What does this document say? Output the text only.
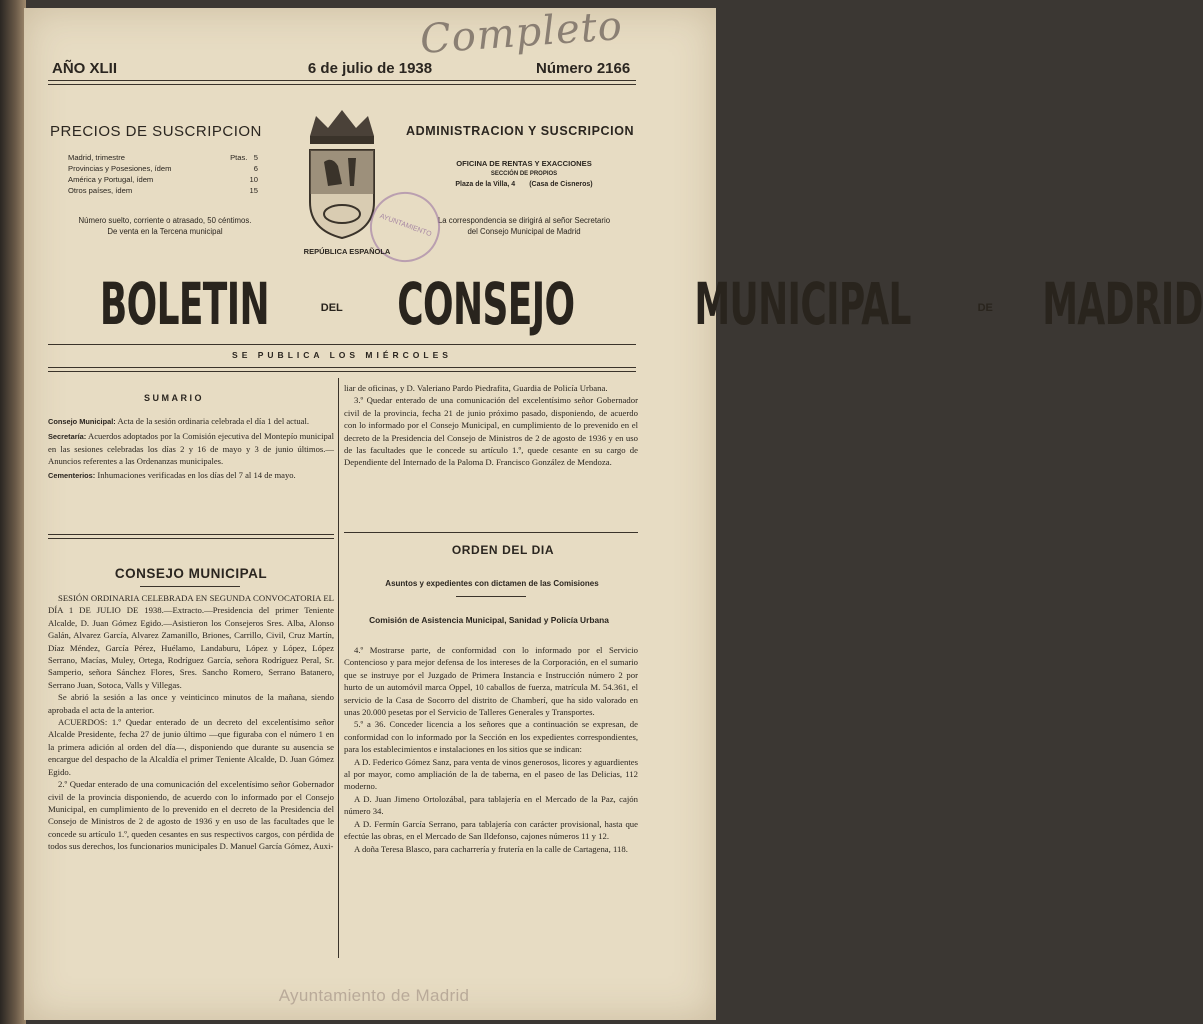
Completo
AÑO XLII	6 de julio de 1938	Número 2166
PRECIOS DE SUSCRIPCION
Madrid, trimestre	Ptas. 5
Provincias y Posesiones, ídem	6
América y Portugal, ídem	10
Otros países, ídem	15
Número suelto, corriente o atrasado, 50 céntimos.
De venta en la Tercena municipal
ADMINISTRACION Y SUSCRIPCION
OFICINA DE RENTAS Y EXACCIONES
SECCIÓN DE PROPIOS
Plaza de la Villa, 4 (Casa de Cisneros)
La correspondencia se dirigirá al señor Secretario
del Consejo Municipal de Madrid
AYUNTAMIENTO
REPÚBLICA ESPAÑOLA
BOLETIN	DEL CONSEJO MUNICIPAL	DE MADRID
SE PUBLICA LOS MIÉRCOLES
SUMARIO
Consejo Municipal: Acta de la sesión ordinaria celebrada el día 1 del actual.
Secretaría: Acuerdos adoptados por la Comisión ejecutiva del Montepío municipal en las sesiones celebradas los días 2 y 16 de mayo y 3 de junio últimos.—Anuncios referentes a las Ordenanzas municipales.
Cementerios: Inhumaciones verificadas en los días del 7 al 14 de mayo.
CONSEJO MUNICIPAL

SESIÓN ORDINARIA CELEBRADA EN SEGUNDA CONVOCATORIA EL DÍA 1 DE JULIO DE 1938.—Extracto.—Presidencia del primer Teniente Alcalde, D. Juan Gómez Egido.—Asistieron los Consejeros Sres. Alba, Alonso Galán, Alvarez García, Alvarez Zamanillo, Briones, Carrillo, Civil, Cruz Martín, Díaz Méndez, García Pérez, Huélamo, Landaburu, López y López, López Serrano, Macías, Muley, Ortega, Rodríguez García, señora Rodríguez Peral, Sr. Samperio, señora Sánchez Flores, Sres. Sancho Romero, Serrano Batanero, Serrano Juan, Sotoca, Valls y Villegas.

Se abrió la sesión a las once y veinticinco minutos de la mañana, siendo aprobada el acta de la anterior.

ACUERDOS: 1.º Quedar enterado de un decreto del excelentísimo señor Alcalde Presidente, fecha 27 de junio último —que figuraba con el número 1 en la primera adición al orden del día—, disponiendo que durante su ausencia se encargue del despacho de la Alcaldía el primer Teniente Alcalde, D. Juan Gómez Egido.

2.º Quedar enterado de una comunicación del excelentísimo señor Gobernador civil de la provincia disponiendo, de acuerdo con lo informado por el Consejo Municipal, en cumplimiento de lo prevenido en el decreto de la Presidencia del Consejo de Ministros de 2 de agosto de 1936 y en uso de las facultades que le concede su artículo 1.º, queden cesantes en sus respectivos cargos, con pérdida de todos sus derechos, los funcionarios municipales D. Manuel García Gómez, Auxi-

liar de oficinas, y D. Valeriano Pardo Piedrafita, Guardia de Policía Urbana.

3.º Quedar enterado de una comunicación del excelentísimo señor Gobernador civil de la provincia, fecha 21 de junio próximo pasado, disponiendo, de acuerdo con lo informado por el Consejo Municipal, en cumplimiento de lo prevenido en el decreto de la Presidencia del Consejo de Ministros de 2 de agosto de 1936 y en uso de las facultades que le concede su artículo 1.º, quede cesante en su cargo de Dependiente del Internado de la Paloma D. Francisco González de Mendoza.

ORDEN DEL DIA
Asuntos y expedientes con dictamen de las Comisiones
Comisión de Asistencia Municipal, Sanidad y Policía Urbana

4.º Mostrarse parte, de conformidad con lo informado por el Servicio Contencioso y para mejor defensa de los intereses de la Corporación, en el sumario que se instruye por el Juzgado de Primera Instancia e Instrucción número 2 por hurto de un automóvil marca Oppel, 10 caballos de fuerza, matrícula M. 54.361, el servicio de la Casa de Socorro del distrito de Chamberí, que ha sido valorado en unas 20.000 pesetas por el Servicio de Talleres Generales y Transportes.

5.º a 36. Conceder licencia a los señores que a continuación se expresan, de conformidad con lo informado por la Sección en los expedientes correspondientes, para los establecimientos e instalaciones en los sitios que se indican:

A D. Federico Gómez Sanz, para venta de vinos generosos, licores y aguardientes al por mayor, como ampliación de la de taberna, en el paseo de las Delicias, 112 moderno.

A D. Juan Jimeno Ortolozábal, para tablajería en el Mercado de la Paz, cajón número 34.

A D. Fermín García Serrano, para tablajería con carácter provisional, hasta que efectúe las obras, en el Mercado de San Ildefonso, cajones números 11 y 12.

A doña Teresa Blasco, para cacharrería y frutería en la calle de Cartagena, 118.

Ayuntamiento de Madrid
